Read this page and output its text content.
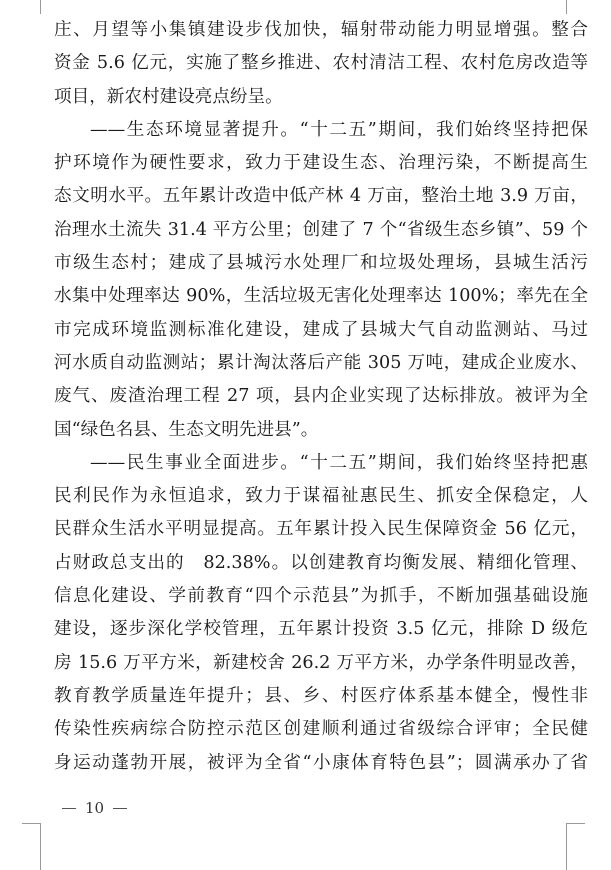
庄、月望等小集镇建设步伐加快，辐射带动能力明显增强。整合
资金 5.6 亿元，实施了整乡推进、农村清洁工程、农村危房改造等
项目，新农村建设亮点纷呈。
——生态环境显著提升。“十二五”期间，我们始终坚持把保
护环境作为硬性要求，致力于建设生态、治理污染，不断提高生
态文明水平。五年累计改造中低产林 4 万亩，整治土地 3.9 万亩，
治理水土流失 31.4 平方公里；创建了 7 个“省级生态乡镇”、59 个
市级生态村；建成了县城污水处理厂和垃圾处理场，县城生活污
水集中处理率达 90%，生活垃圾无害化处理率达 100%；率先在全
市完成环境监测标准化建设，建成了县城大气自动监测站、马过
河水质自动监测站；累计淘汰落后产能 305 万吨，建成企业废水、
废气、废渣治理工程 27 项，县内企业实现了达标排放。被评为全
国“绿色名县、生态文明先进县”。
——民生事业全面进步。“十二五”期间，我们始终坚持把惠
民利民作为永恒追求，致力于谋福祉惠民生、抓安全保稳定，人
民群众生活水平明显提高。五年累计投入民生保障资金 56 亿元，
占财政总支出的　82.38%。以创建教育均衡发展、精细化管理、
信息化建设、学前教育“四个示范县”为抓手，不断加强基础设施
建设，逐步深化学校管理，五年累计投资 3.5 亿元，排除 D 级危
房 15.6 万平方米，新建校舍 26.2 万平方米，办学条件明显改善，
教育教学质量连年提升；县、乡、村医疗体系基本健全，慢性非
传染性疾病综合防控示范区创建顺利通过省级综合评审；全民健
身运动蓬勃开展，被评为全省“小康体育特色县”；圆满承办了省
10
